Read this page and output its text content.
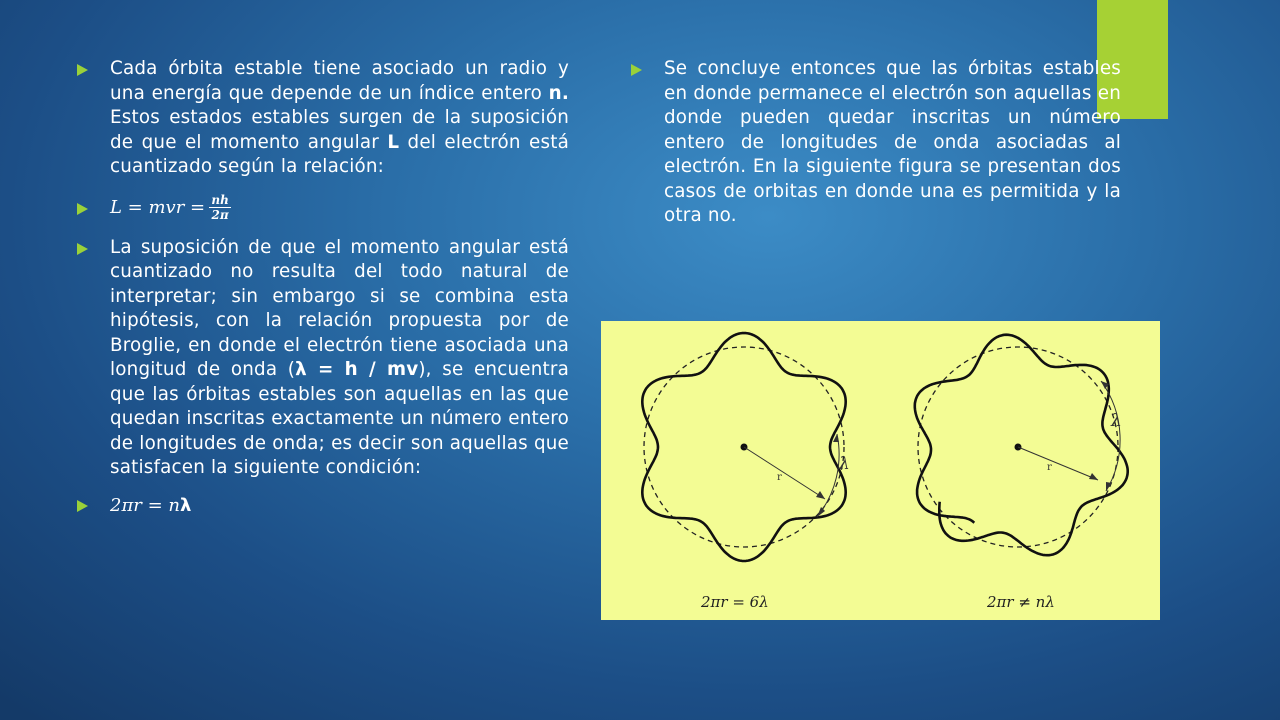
Cada órbita estable tiene asociado un radio y una energía que depende de un índice entero n. Estos estados estables surgen de la suposición de que el momento angular L del electrón está cuantizado según la relación:
L = mvr = $\frac{nh}{2\pi}$
La suposición de que el momento angular está cuantizado no resulta del todo natural de interpretar; sin embargo si se combina esta hipótesis, con la relación propuesta por de Broglie, en donde el electrón tiene asociada una longitud de onda (λ = h / mv), se encuentra que las órbitas estables son aquellas en las que quedan inscritas exactamente un número entero de longitudes de onda; es decir son aquellas que satisfacen la siguiente condición:
2πr = n λ
Se concluye entonces que las órbitas estables en donde permanece el electrón son aquellas en donde pueden quedar inscritas un número entero de longitudes de onda asociadas al electrón. En la siguiente figura se presentan dos casos de orbitas en donde una es permitida y la otra no.
r
λ
2πr = 6λ
r
λ
2πr ≠ nλ
